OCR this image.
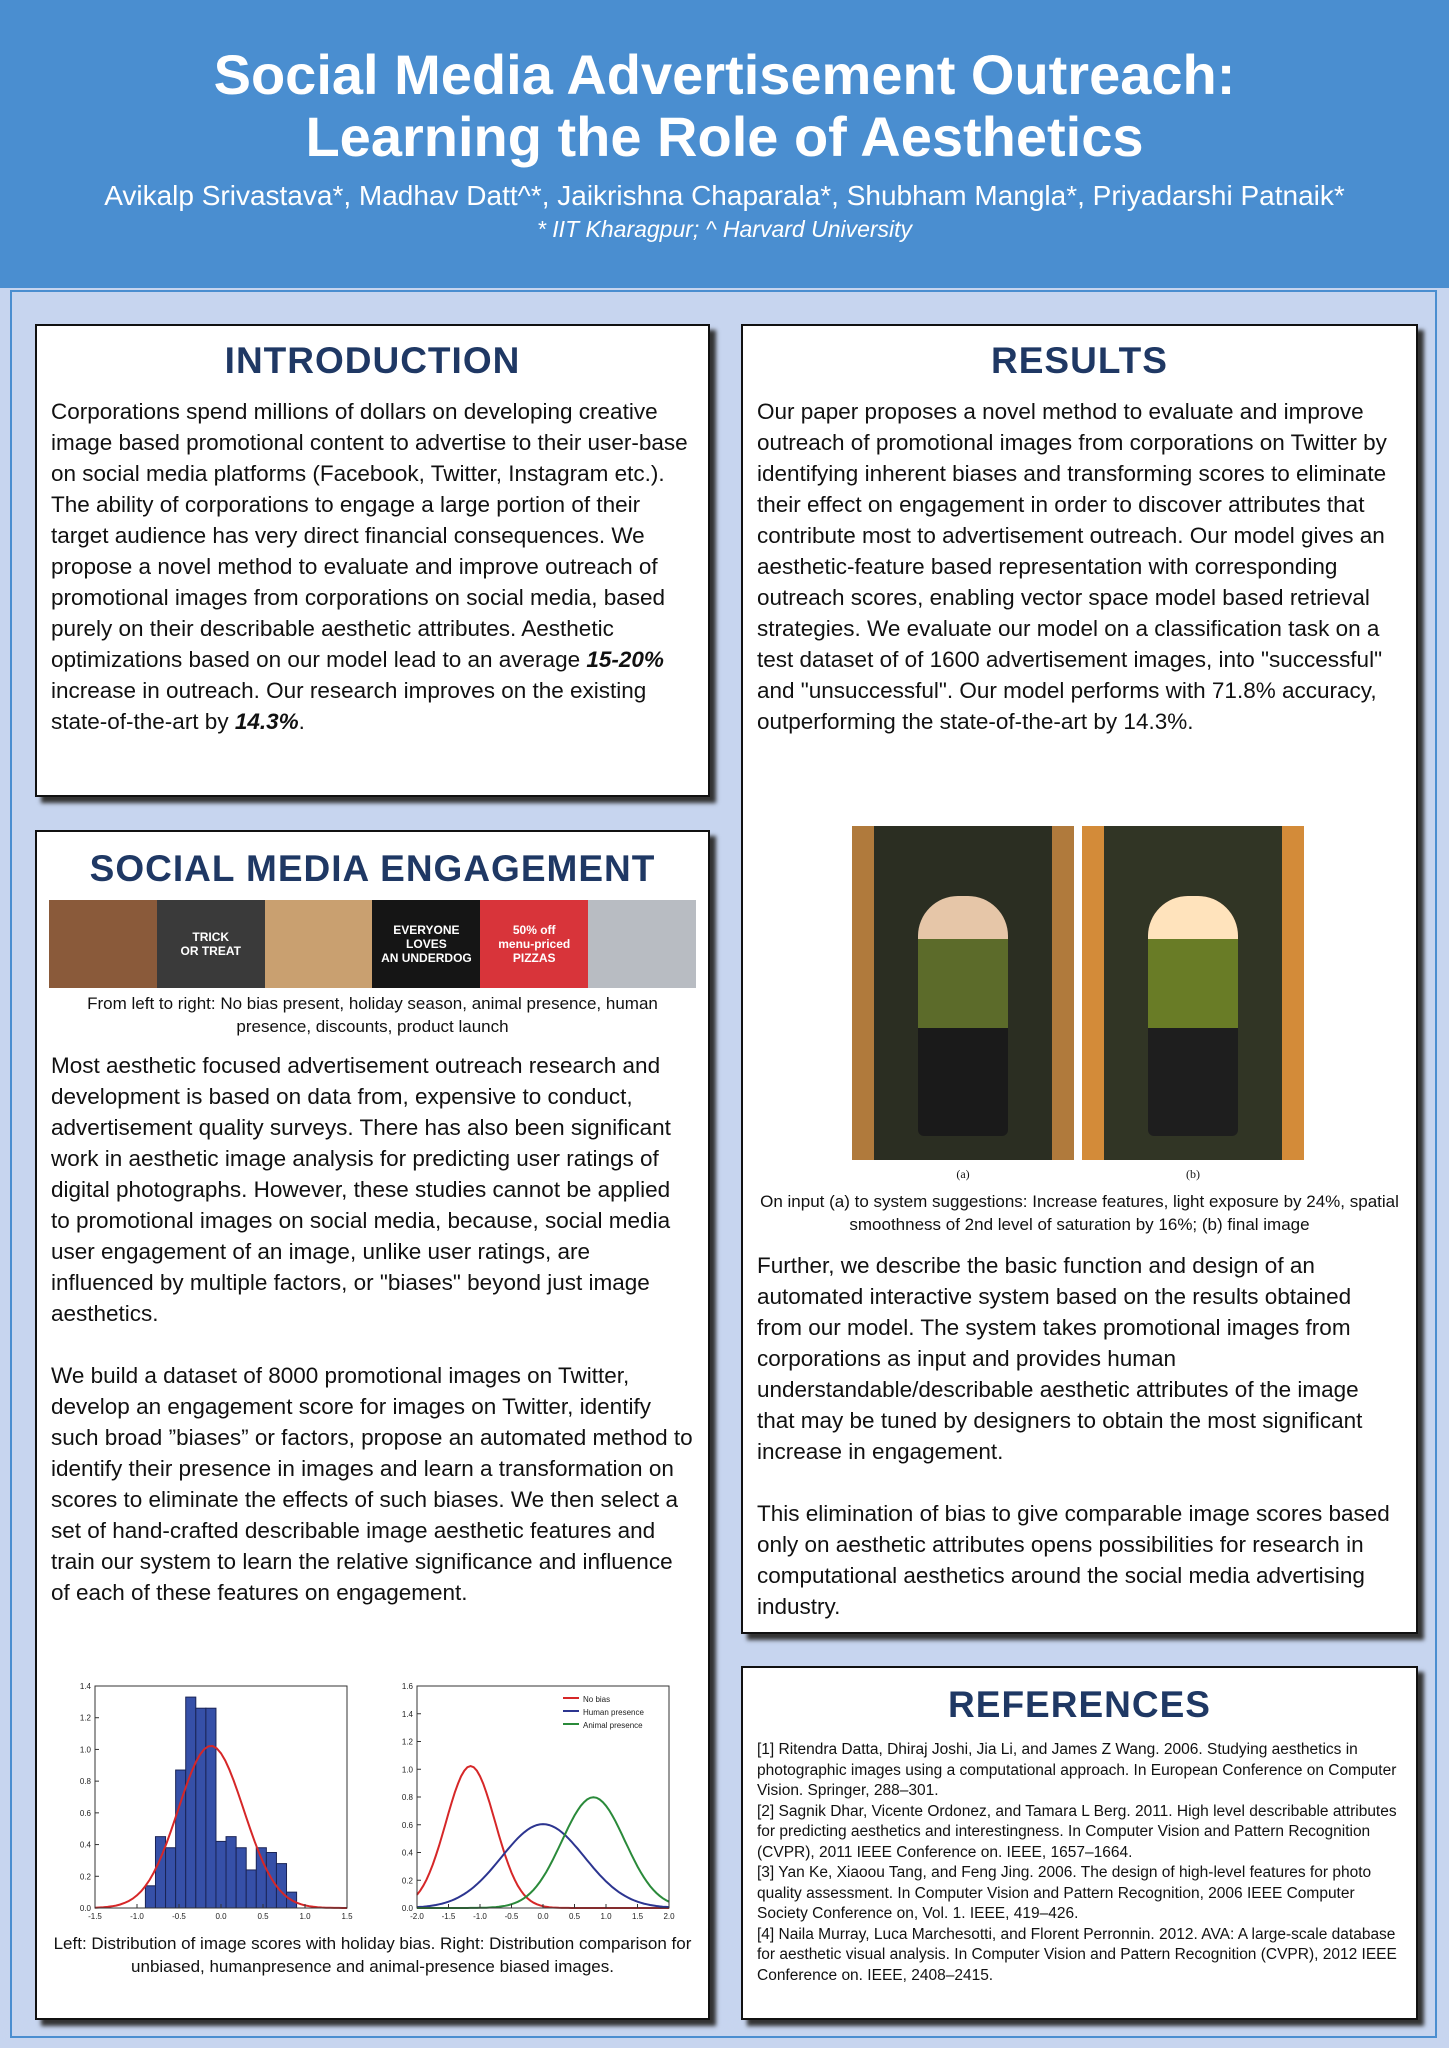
Social Media Advertisement Outreach:
Learning the Role of Aesthetics
Avikalp Srivastava*, Madhav Datt^*, Jaikrishna Chaparala*, Shubham Mangla*, Priyadarshi Patnaik*
* IIT Kharagpur; ^ Harvard University
INTRODUCTION
Corporations spend millions of dollars on developing creative image based promotional content to advertise to their user-base on social media platforms (Facebook, Twitter, Instagram etc.). The ability of corporations to engage a large portion of their target audience has very direct financial consequences. We propose a novel method to evaluate and improve outreach of promotional images from corporations on social media, based purely on their describable aesthetic attributes. Aesthetic optimizations based on our model lead to an average 15-20% increase in outreach. Our research improves on the existing state-of-the-art by 14.3%.
SOCIAL MEDIA ENGAGEMENT
TRICK
OR TREAT
EVERYONE
LOVES
AN UNDERDOG
50% off
menu-priced
PIZZAS
From left to right: No bias present, holiday season, animal presence, human presence, discounts, product launch

Most aesthetic focused advertisement outreach research and development is based on data from, expensive to conduct, advertisement quality surveys. There has also been significant work in aesthetic image analysis for predicting user ratings of digital photographs. However, these studies cannot be applied to promotional images on social media, because, social media user engagement of an image, unlike user ratings, are influenced by multiple factors, or "biases" beyond just image aesthetics.

We build a dataset of 8000 promotional images on Twitter, develop an engagement score for images on Twitter, identify such broad ”biases” or factors, propose an automated method to identify their presence in images and learn a transformation on scores to eliminate the effects of such biases. We then select a set of hand-crafted describable image aesthetic features and train our system to learn the relative significance and influence of each of these features on engagement.

-1.5	-1.0	-0.5	0.0	0.5	1.0	1.5
0.0
0.2
0.4
0.6
0.8
1.0
1.2
1.4
No bias
Human presence
Animal presence
-2.0 -1.5 -1.0 -0.5 0.0	0.5	1.0	1.5	2.0
0.0
0.2
0.4
0.6
0.8
1.0
1.2
1.4
1.6
Left: Distribution of image scores with holiday bias. Right: Distribution comparison for unbiased, humanpresence and animal-presence biased images.
RESULTS
Our paper proposes a novel method to evaluate and improve outreach of promotional images from corporations on Twitter by identifying inherent biases and transforming scores to eliminate their effect on engagement in order to discover attributes that contribute most to advertisement outreach. Our model gives an aesthetic-feature based representation with corresponding outreach scores, enabling vector space model based retrieval strategies. We evaluate our model on a classification task on a test dataset of of 1600 advertisement images, into "successful" and "unsuccessful". Our model performs with 71.8% accuracy, outperforming the state-of-the-art by 14.3%.
(a)	(b)
On input (a) to system suggestions: Increase features, light exposure by 24%, spatial smoothness of 2nd level of saturation by 16%; (b) final image

Further, we describe the basic function and design of an automated interactive system based on the results obtained from our model. The system takes promotional images from corporations as input and provides human understandable/describable aesthetic attributes of the image that may be tuned by designers to obtain the most significant increase in engagement.

This elimination of bias to give comparable image scores based only on aesthetic attributes opens possibilities for research in computational aesthetics around the social media advertising industry.

REFERENCES
[1] Ritendra Datta, Dhiraj Joshi, Jia Li, and James Z Wang. 2006. Studying aesthetics in photographic images using a computational approach. In European Conference on Computer Vision. Springer, 288–301.
[2] Sagnik Dhar, Vicente Ordonez, and Tamara L Berg. 2011. High level describable attributes for predicting aesthetics and interestingness. In Computer Vision and Pattern Recognition (CVPR), 2011 IEEE Conference on. IEEE, 1657–1664.
[3] Yan Ke, Xiaoou Tang, and Feng Jing. 2006. The design of high-level features for photo quality assessment. In Computer Vision and Pattern Recognition, 2006 IEEE Computer Society Conference on, Vol. 1. IEEE, 419–426.
[4] Naila Murray, Luca Marchesotti, and Florent Perronnin. 2012. AVA: A large-scale database for aesthetic visual analysis. In Computer Vision and Pattern Recognition (CVPR), 2012 IEEE Conference on. IEEE, 2408–2415.
